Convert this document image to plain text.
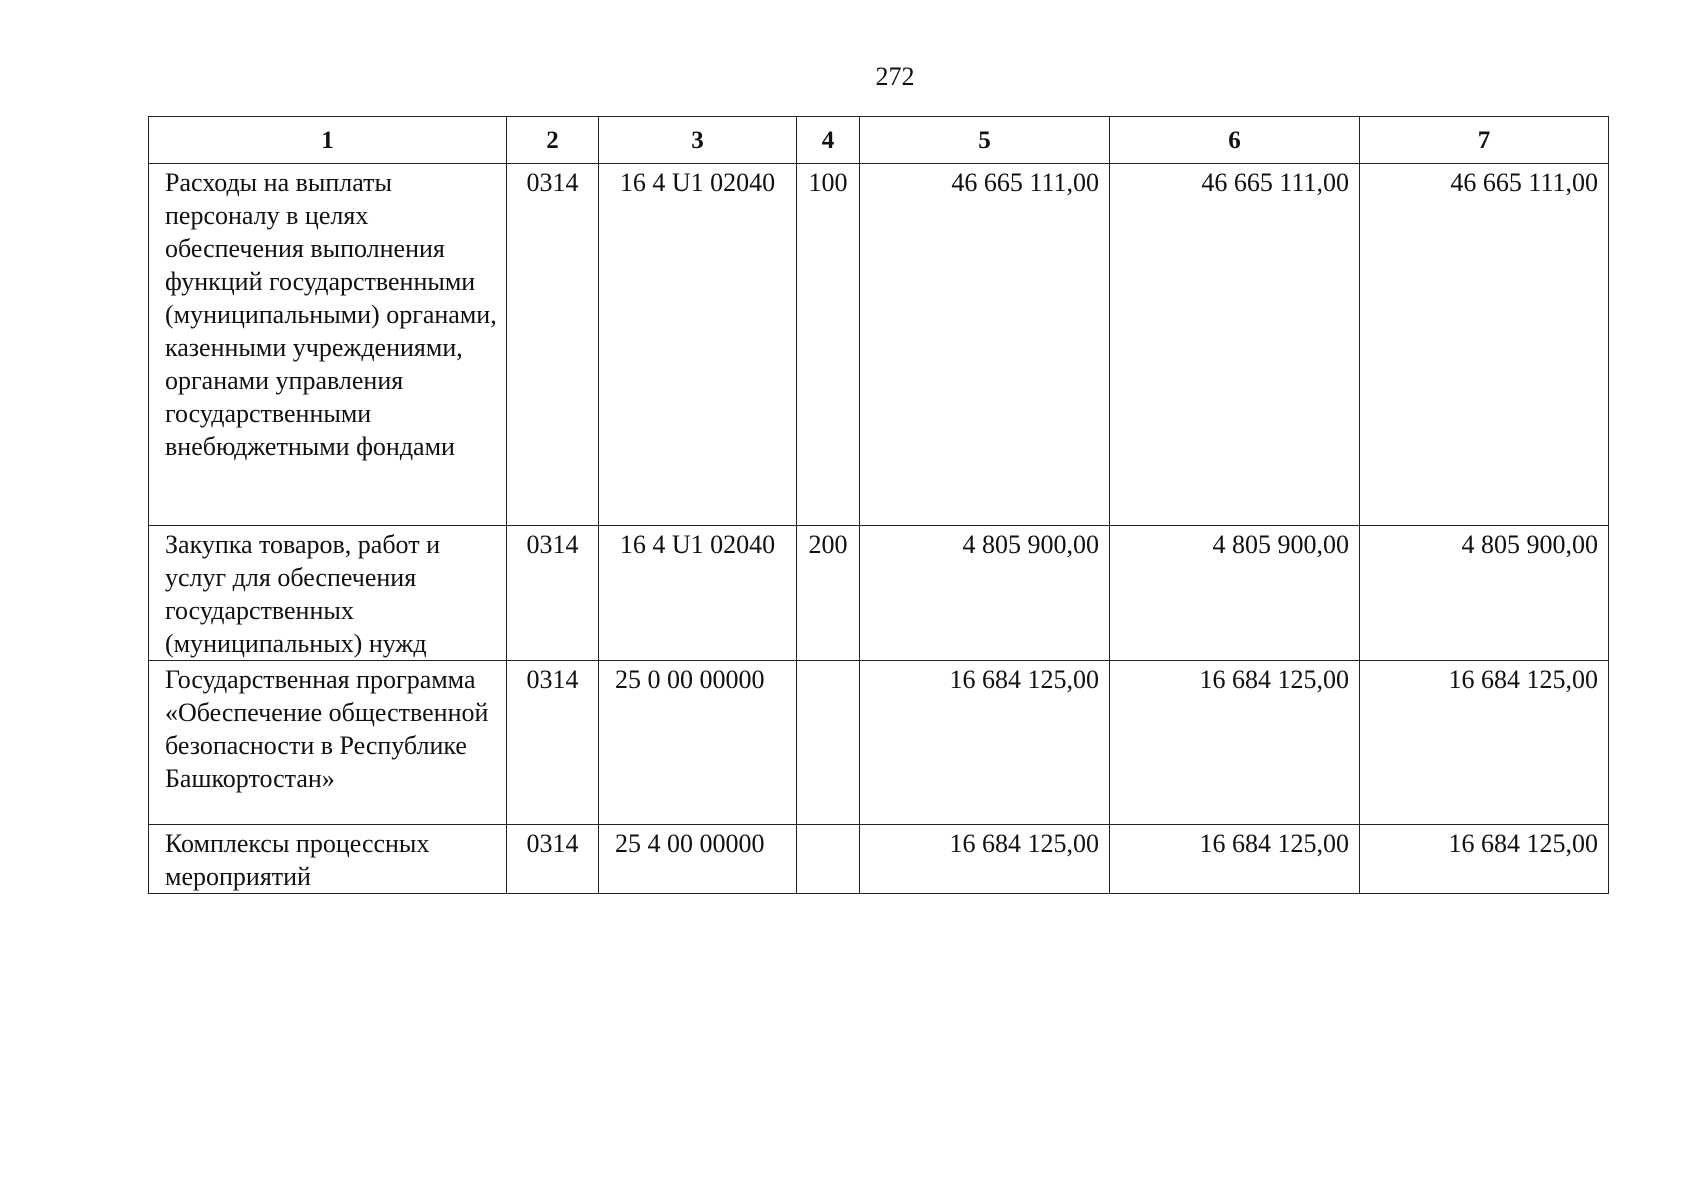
272
1	2	3	4	5	6	7
Расходы на выплаты персоналу в целях обеспечения выполнения функций государственными (муниципальными) органами, казенными учреждениями, органами управления государственными внебюджетными фондами	0314	16 4 U1 02040	100	46 665 111,00	46 665 111,00	46 665 111,00
Закупка товаров, работ и услуг для обеспечения государственных (муниципальных) нужд	0314	16 4 U1 02040	200	4 805 900,00	4 805 900,00	4 805 900,00
Государственная программа «Обеспечение общественной безопасности в Республике Башкортостан»	0314	25 0 00 00000		16 684 125,00	16 684 125,00	16 684 125,00
Комплексы процессных мероприятий	0314	25 4 00 00000		16 684 125,00	16 684 125,00	16 684 125,00
